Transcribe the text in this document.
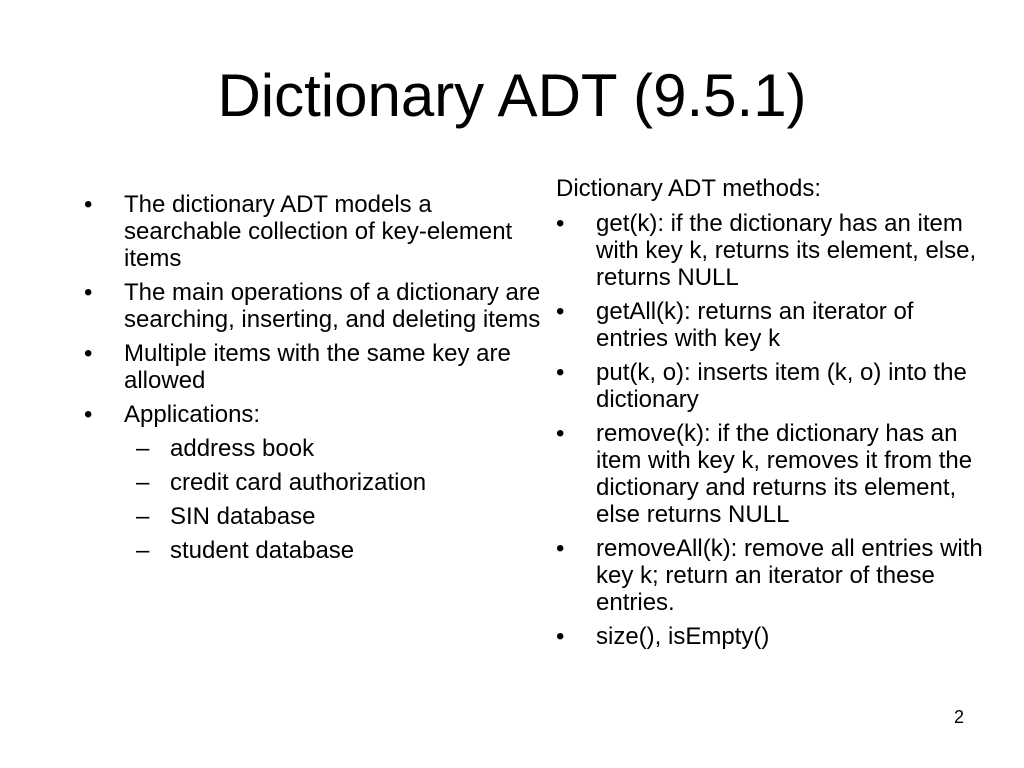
Dictionary ADT (9.5.1)
•	The dictionary ADT models a searchable collection of key-element items
•	The main operations of a dictionary are searching, inserting, and deleting items
•	Multiple items with the same key are allowed
•	Applications:
– address book
– credit card authorization
– SIN database
– student database

Dictionary ADT methods:

•	get(k): if the dictionary has an item with key k, returns its element, else, returns NULL
•	getAll(k): returns an iterator of entries with key k
•	put(k, o): inserts item (k, o) into the dictionary
•	remove(k): if the dictionary has an item with key k, removes it from the dictionary and returns its element, else returns NULL
•	removeAll(k): remove all entries with key k; return an iterator of these entries.
•	size(), isEmpty()
2
